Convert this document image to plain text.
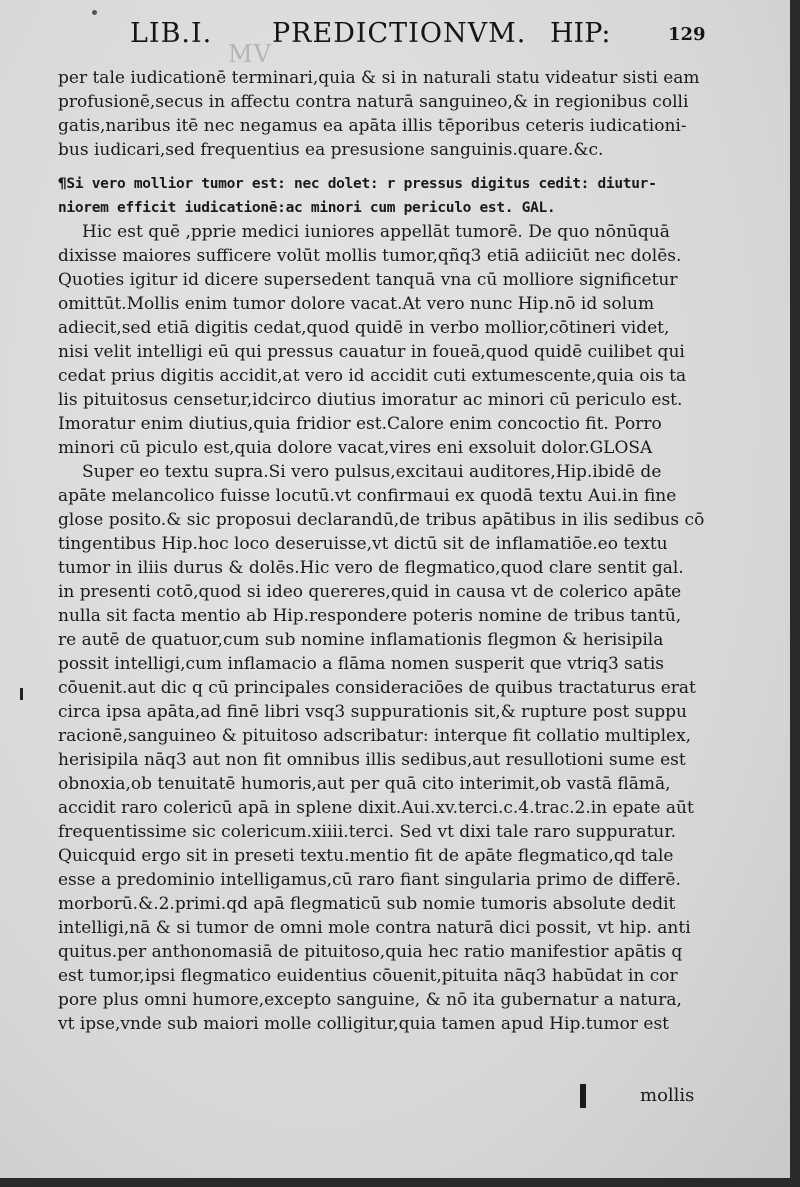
LIB.I.
MV
PREDICTIONVM. HIP:	129
per tale iudicationē terminari,quia & si in naturali statu videatur sisti eam
profusionē,secus in affectu contra naturā sanguineo,& in regionibus colli
gatis,naribus itē nec negamus ea apāta illis tēporibus ceteris iudicationi-
bus iudicari,sed frequentius ea presusione sanguinis.quare.&c.
¶Si vero mollior tumor est: nec dolet: r pressus digitus cedit: diutur-
niorem efficit iudicationē:ac minori cum periculo est. GAL.
Hic est quē ,pprie medici iuniores appellāt tumorē. De quo nōnūquā
dixisse maiores sufficere volūt mollis tumor,qñq3 etiā adiiciūt nec dolēs.
Quoties igitur id dicere supersedent tanquā vna cū molliore significetur
omittūt.Mollis enim tumor dolore vacat.At vero nunc Hip.nō id solum
adiecit,sed etiā digitis cedat,quod quidē in verbo mollior,cōtineri videt,
nisi velit intelligi eū qui pressus cauatur in foueā,quod quidē cuilibet qui
cedat prius digitis accidit,at vero id accidit cuti extumescente,quia ois ta
lis pituitosus censetur,idcirco diutius imoratur ac minori cū periculo est.
Imoratur enim diutius,quia fridior est.Calore enim concoctio fit. Porro
minori cū piculo est,quia dolore vacat,vires eni exsoluit dolor.GLOSA
Super eo textu supra.Si vero pulsus,excitaui auditores,Hip.ibidē de
apāte melancolico fuisse locutū.vt confirmaui ex quodā textu Aui.in fine
glose posito.& sic proposui declarandū,de tribus apātibus in ilis sedibus cō
tingentibus Hip.hoc loco deseruisse,vt dictū sit de inflamatiōe.eo textu
tumor in iliis durus & dolēs.Hic vero de flegmatico,quod clare sentit gal.
in presenti cotō,quod si ideo quereres,quid in causa vt de colerico apāte
nulla sit facta mentio ab Hip.respondere poteris nomine de tribus tantū,
re autē de quatuor,cum sub nomine inflamationis flegmon & herisipila
possit intelligi,cum inflamacio a flāma nomen susperit que vtriq3 satis
cōuenit.aut dic q cū principales consideraciōes de quibus tractaturus erat
circa ipsa apāta,ad finē libri vsq3 suppurationis sit,& rupture post suppu
racionē,sanguineo & pituitoso adscribatur: interque fit collatio multiplex,
herisipila nāq3 aut non fit omnibus illis sedibus,aut resullotioni sume est
obnoxia,ob tenuitatē humoris,aut per quā cito interimit,ob vastā flāmā,
accidit raro colericū apā in splene dixit.Aui.xv.terci.c.4.trac.2.in epate aūt
frequentissime sic colericum.xiiii.terci. Sed vt dixi tale raro suppuratur.
Quicquid ergo sit in preseti textu.mentio fit de apāte flegmatico,qd tale
esse a predominio intelligamus,cū raro fiant singularia primo de differē.
morborū.&.2.primi.qd apā flegmaticū sub nomie tumoris absolute dedit
intelligi,nā & si tumor de omni mole contra naturā dici possit, vt hip. anti
quitus.per anthonomasiā de pituitoso,quia hec ratio manifestior apātis q
est tumor,ipsi flegmatico euidentius cōuenit,pituita nāq3 habūdat in cor
pore plus omni humore,excepto sanguine, & nō ita gubernatur a natura,
vt ipse,vnde sub maiori molle colligitur,quia tamen apud Hip.tumor est
mollis
